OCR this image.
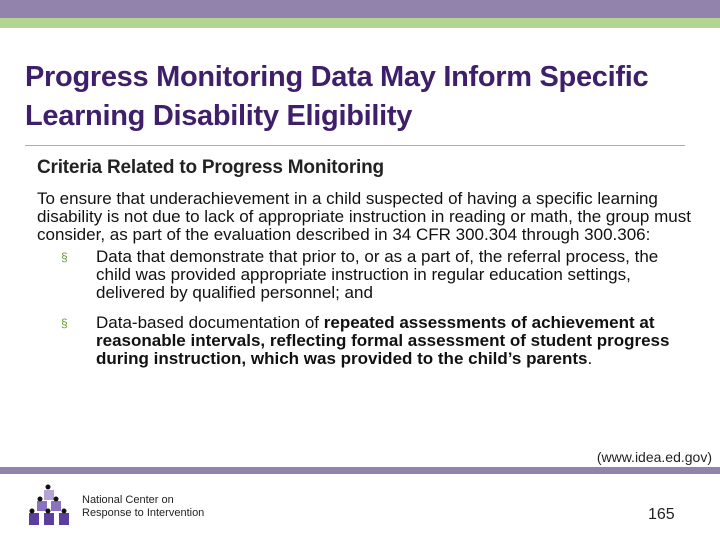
Progress Monitoring Data May Inform Specific Learning Disability Eligibility
Criteria Related to Progress Monitoring

To ensure that underachievement in a child suspected of having a specific learning disability is not due to lack of appropriate instruction in reading or math, the group must consider, as part of the evaluation described in 34 CFR 300.304 through 300.306:

§ Data that demonstrate that prior to, or as a part of, the referral process, the child was provided appropriate instruction in regular education settings, delivered by qualified personnel; and
§ Data-based documentation of repeated assessments of achievement at reasonable intervals, reflecting formal assessment of student progress during instruction, which was provided to the child’s parents.
(www.idea.ed.gov)
National Center on
Response to Intervention	165
